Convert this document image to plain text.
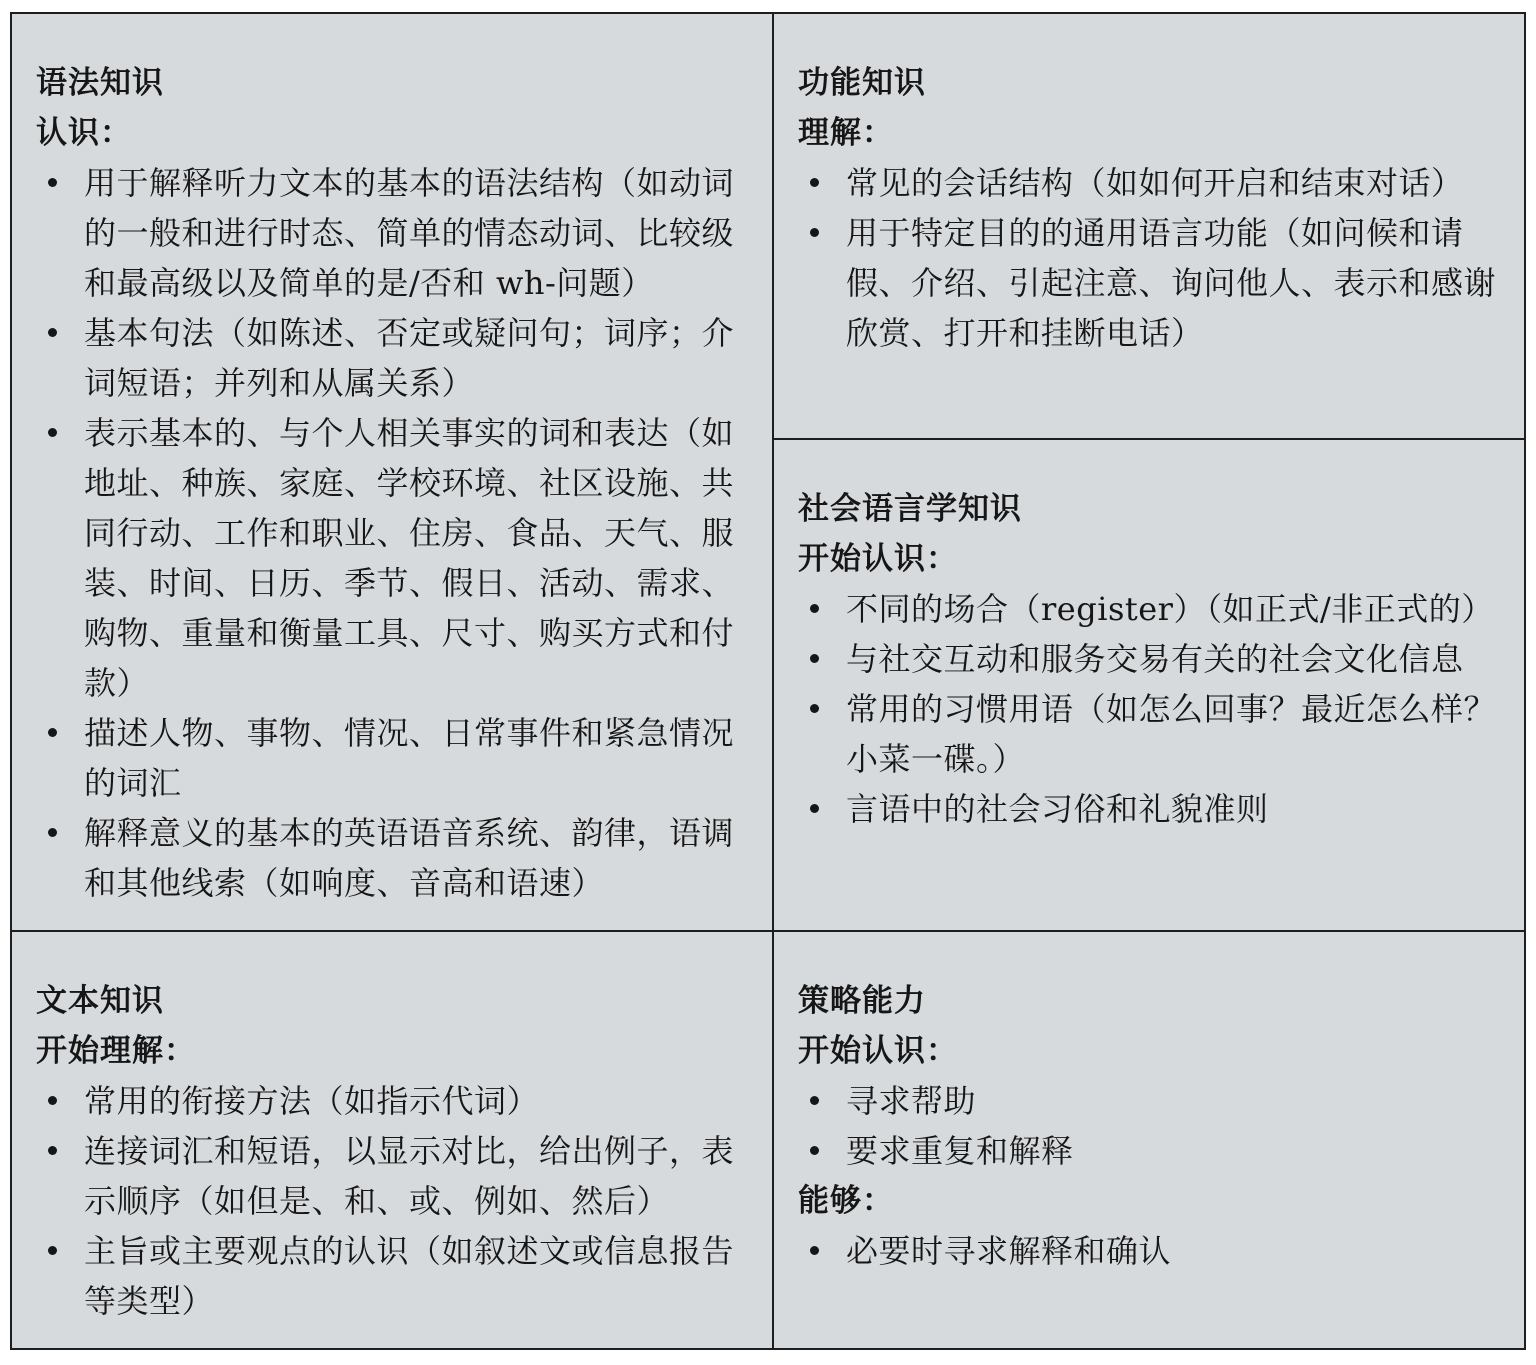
语法知识

认识：

用于解释听力文本的基本的语法结构（如动词的一般和进行时态、简单的情态动词、比较级和最高级以及简单的是/否和 wh-问题）
基本句法（如陈述、否定或疑问句；词序；介词短语；并列和从属关系）
表示基本的、与个人相关事实的词和表达（如地址、种族、家庭、学校环境、社区设施、共同行动、工作和职业、住房、食品、天气、服装、时间、日历、季节、假日、活动、需求、购物、重量和衡量工具、尺寸、购买方式和付款）
描述人物、事物、情况、日常事件和紧急情况的词汇
解释意义的基本的英语语音系统、韵律，语调和其他线索（如响度、音高和语速）

功能知识

理解：

常见的会话结构（如如何开启和结束对话）
用于特定目的的通用语言功能（如问候和请假、介绍、引起注意、询问他人、表示和感谢欣赏、打开和挂断电话）

社会语言学知识

开始认识：

不同的场合（register）（如正式/非正式的）
与社交互动和服务交易有关的社会文化信息
常用的习惯用语（如怎么回事？最近怎么样？小菜一碟。）
言语中的社会习俗和礼貌准则

文本知识

开始理解：

常用的衔接方法（如指示代词）
连接词汇和短语，以显示对比，给出例子，表示顺序（如但是、和、或、例如、然后）
主旨或主要观点的认识（如叙述文或信息报告等类型）

策略能力

开始认识：

寻求帮助
要求重复和解释

能够：

必要时寻求解释和确认
